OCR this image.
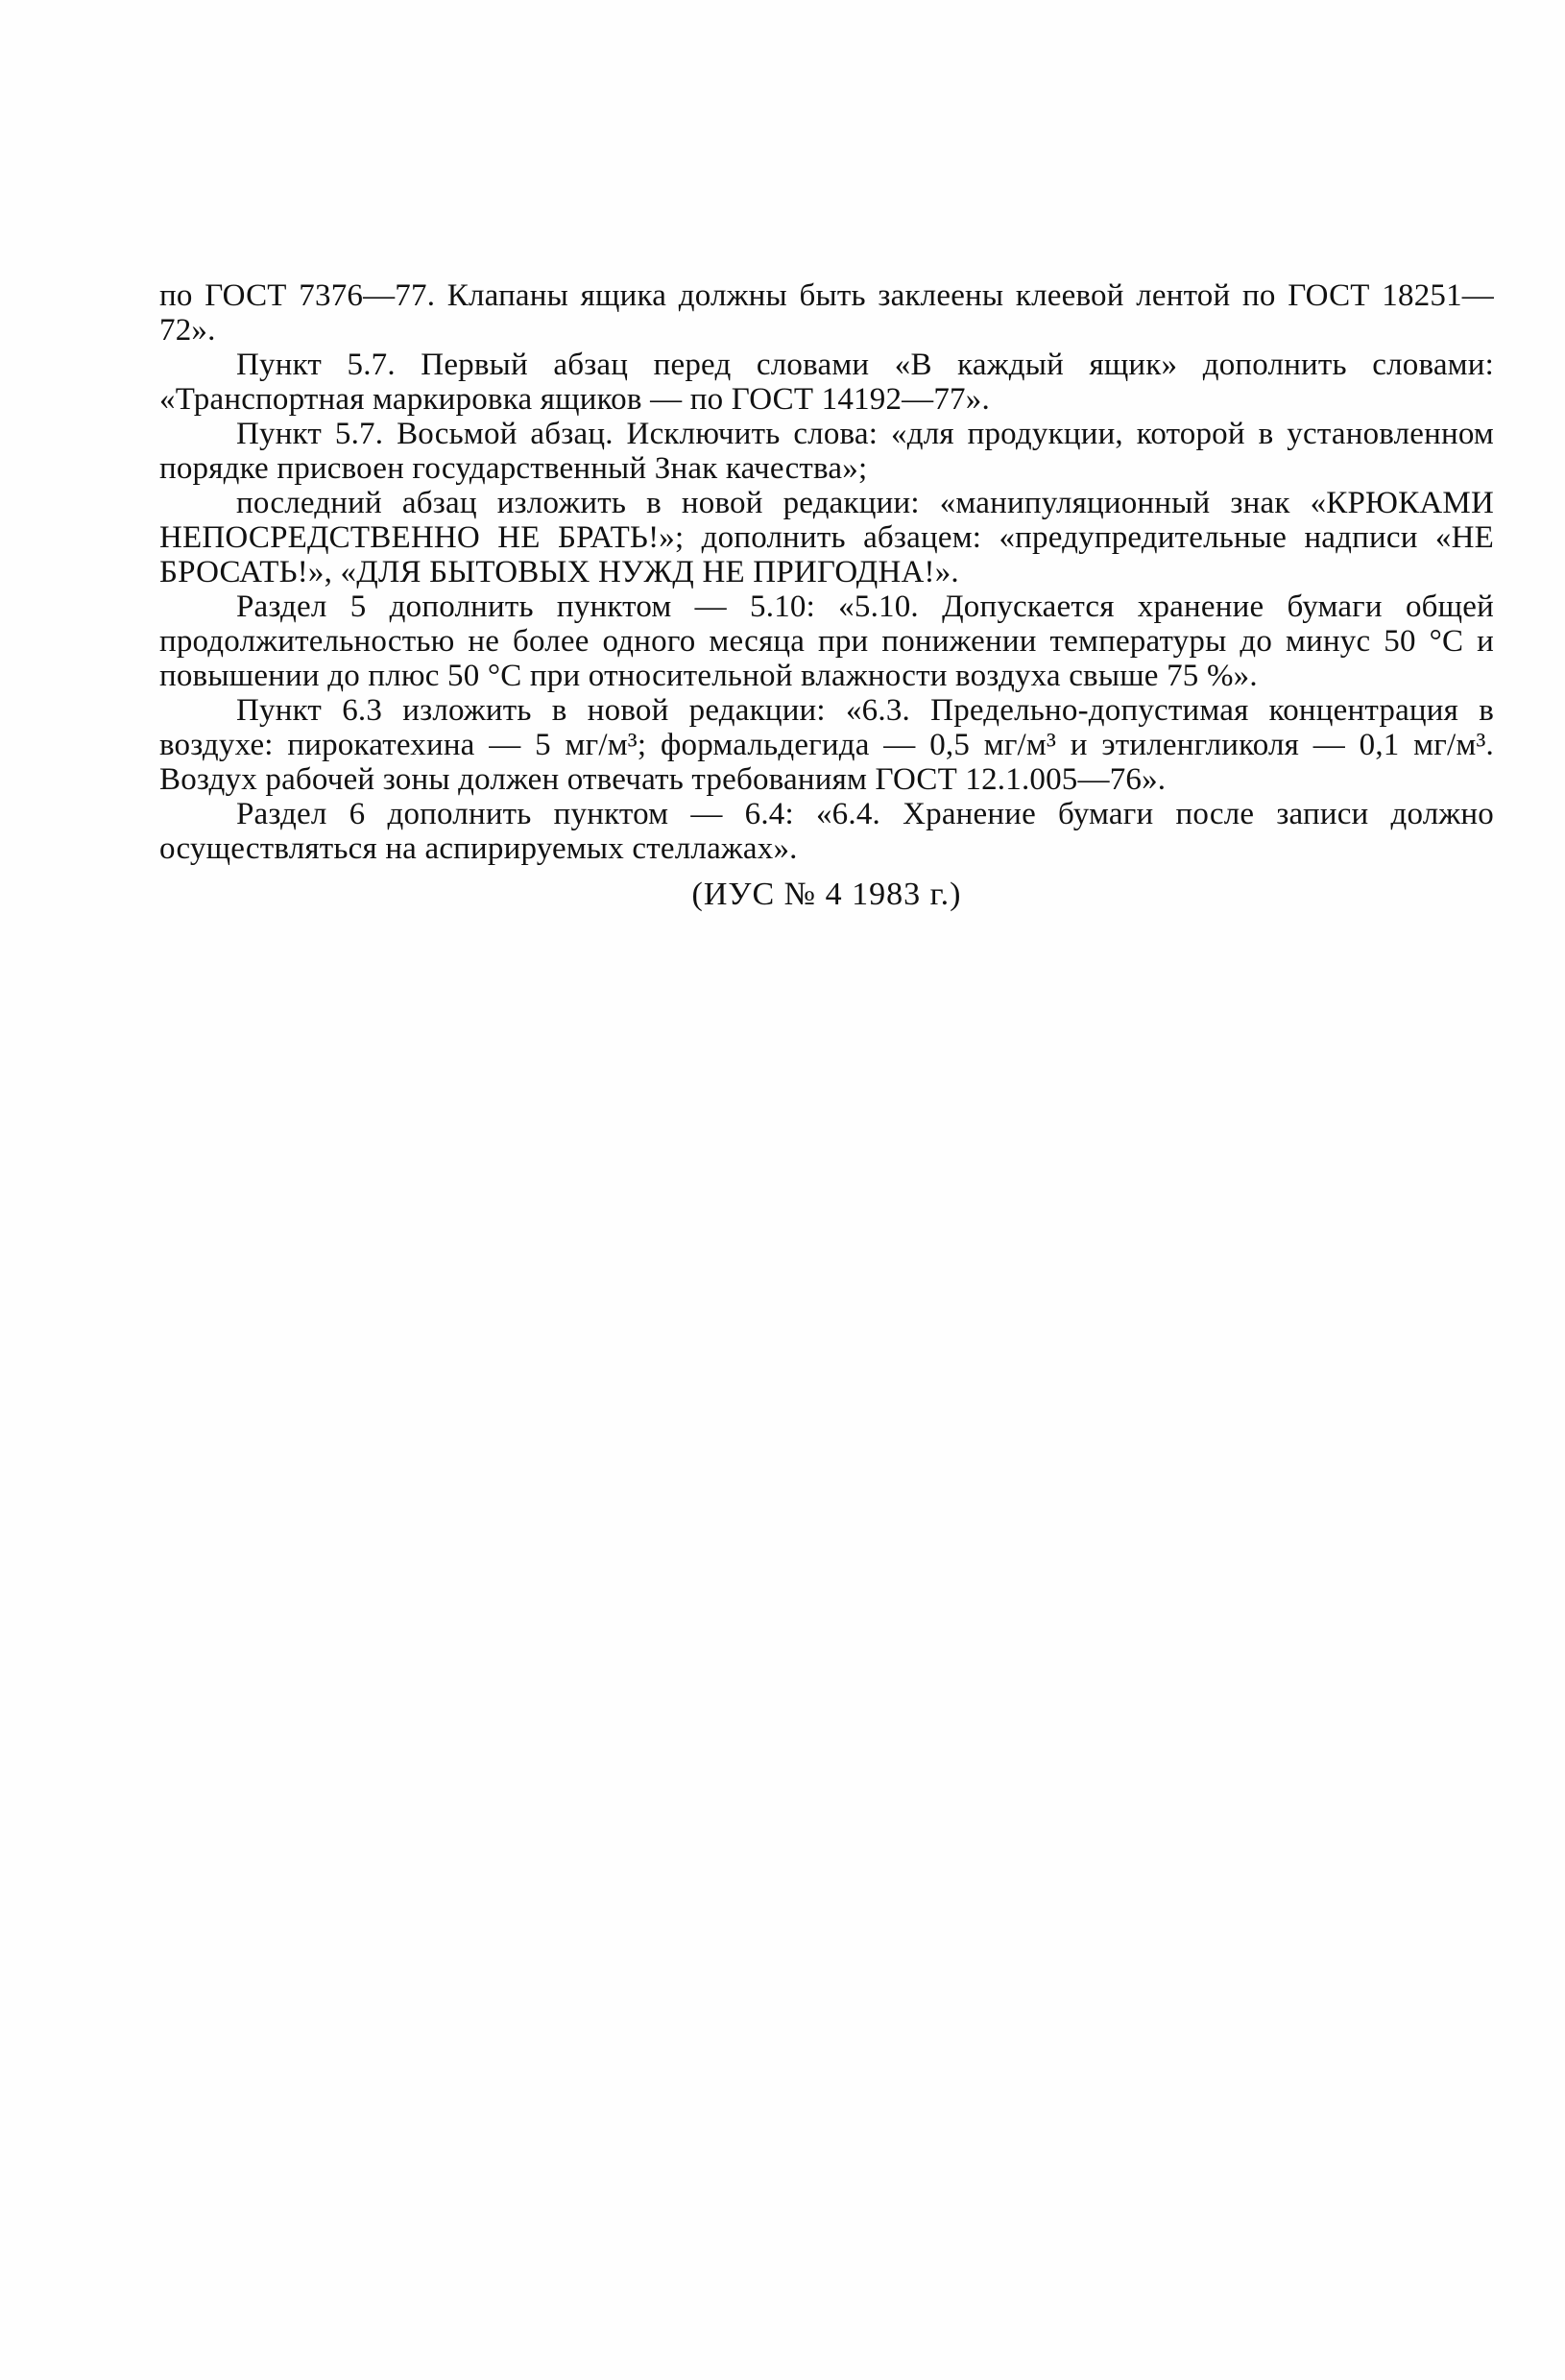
по ГОСТ 7376—77. Клапаны ящика должны быть заклеены клеевой лентой по ГОСТ 18251—72».

Пункт 5.7. Первый абзац перед словами «В каждый ящик» дополнить словами: «Транспортная маркировка ящиков — по ГОСТ 14192—77».

Пункт 5.7. Восьмой абзац. Исключить слова: «для продукции, которой в установленном порядке присвоен государственный Знак качества»;

последний абзац изложить в новой редакции: «манипуляционный знак «КРЮКАМИ НЕПОСРЕДСТВЕННО НЕ БРАТЬ!»; дополнить абзацем: «предупредительные надписи «НЕ БРОСАТЬ!», «ДЛЯ БЫТОВЫХ НУЖД НЕ ПРИГОДНА!».

Раздел 5 дополнить пунктом — 5.10: «5.10. Допускается хранение бумаги общей продолжительностью не более одного месяца при понижении температуры до минус 50 °С и повышении до плюс 50 °С при относительной влажности воздуха свыше 75 %».

Пункт 6.3 изложить в новой редакции: «6.3. Предельно-допустимая концентрация в воздухе: пирокатехина — 5 мг/м³; формальдегида — 0,5 мг/м³ и этиленгликоля — 0,1 мг/м³. Воздух рабочей зоны должен отвечать требованиям ГОСТ 12.1.005—76».

Раздел 6 дополнить пунктом — 6.4: «6.4. Хранение бумаги после записи должно осуществляться на аспирируемых стеллажах».

(ИУС № 4 1983 г.)
